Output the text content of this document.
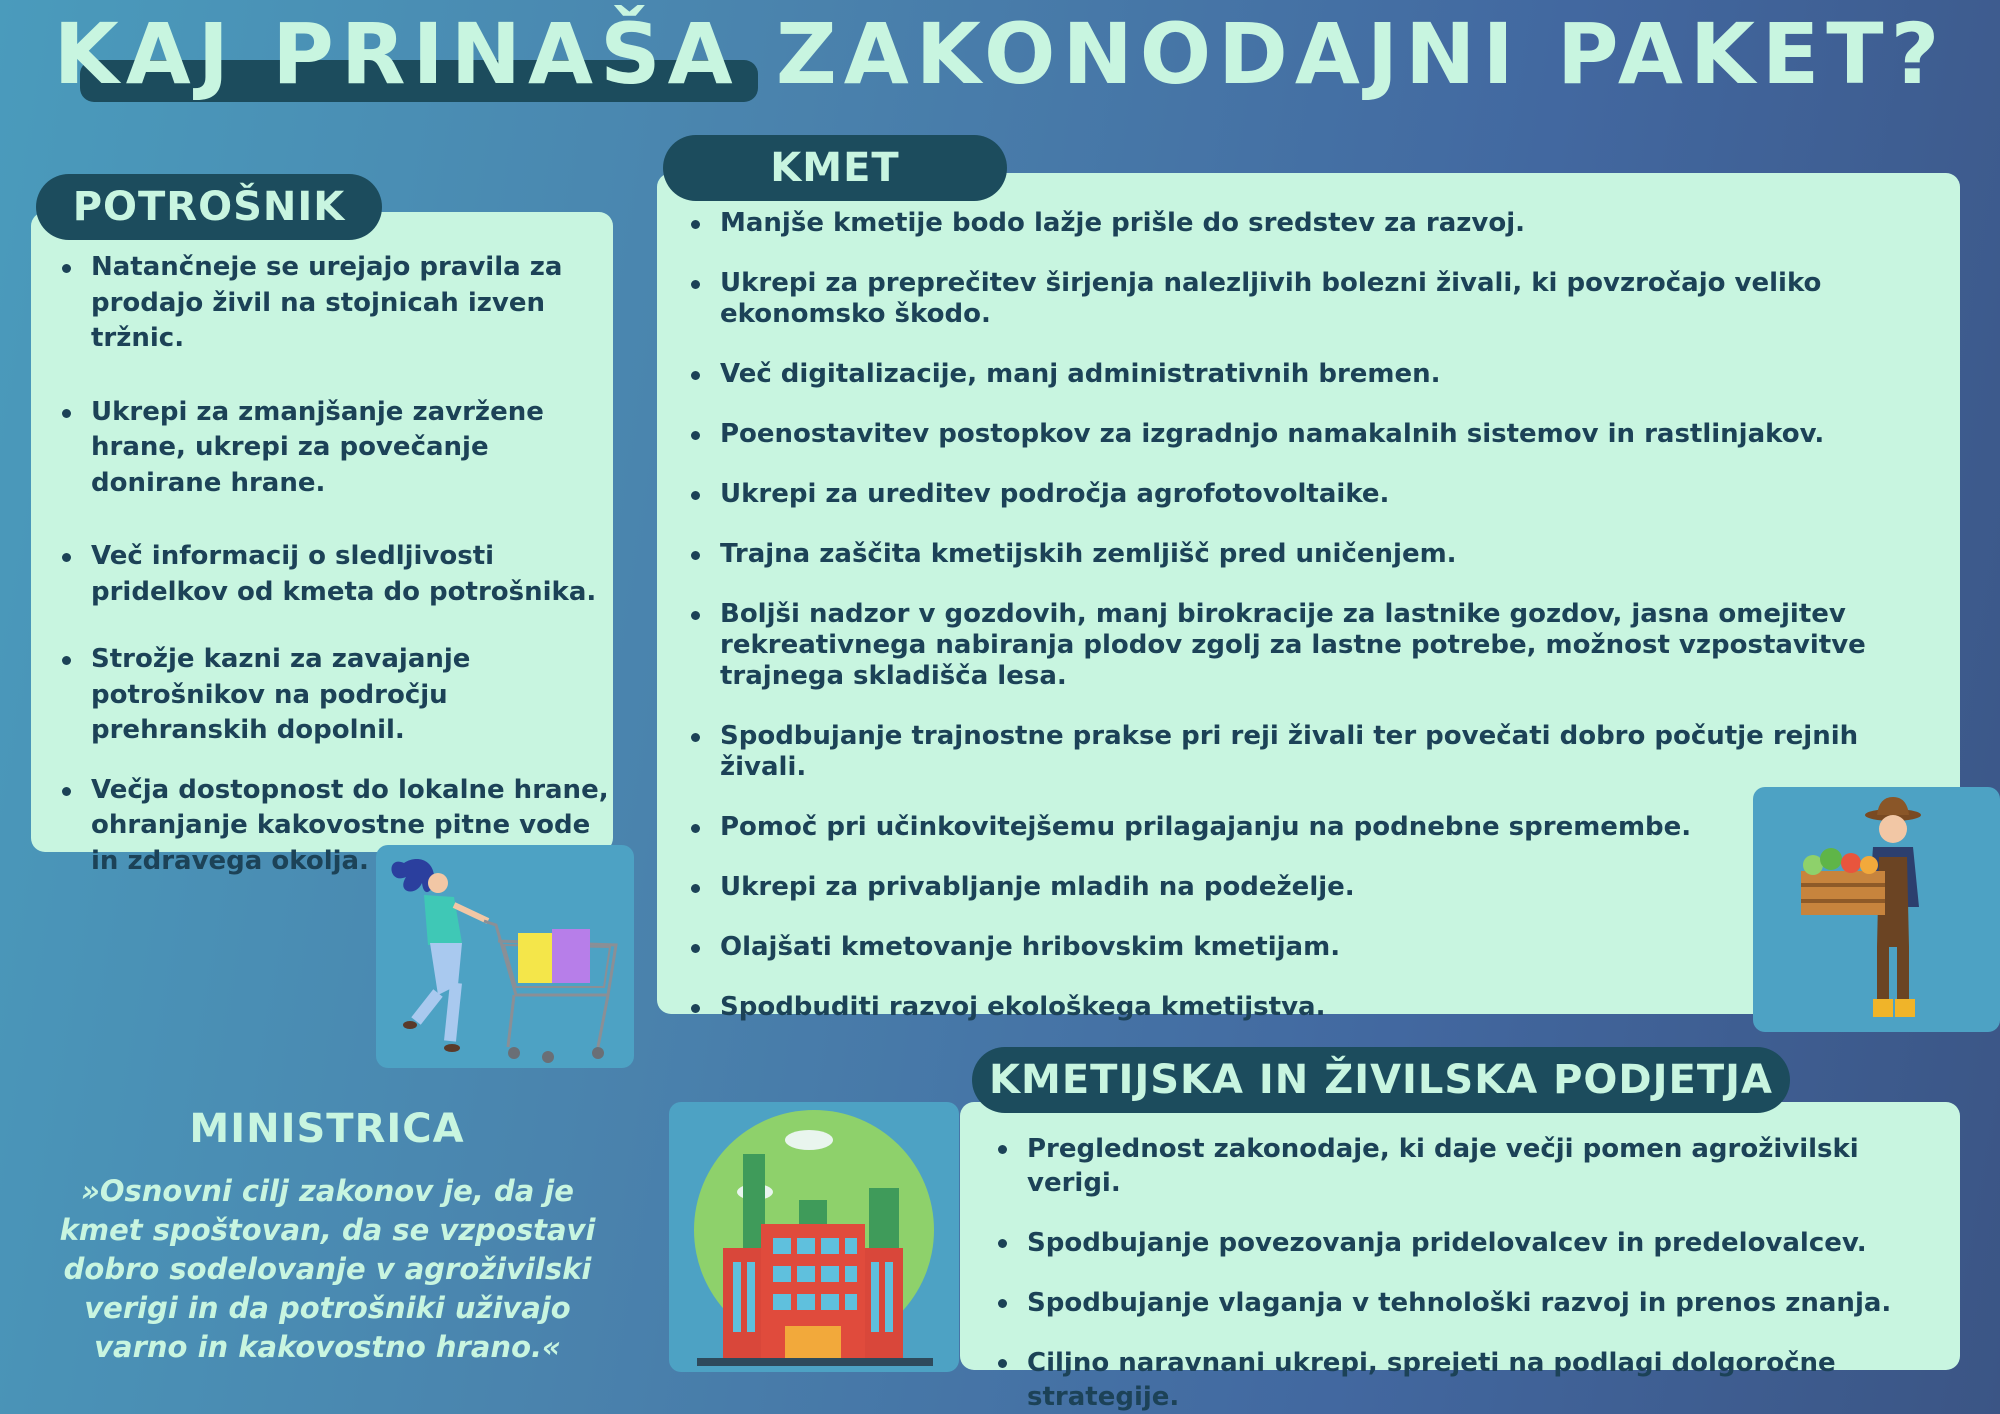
KAJ PRINAŠA ZAKONODAJNI PAKET?
POTROŠNIK
Natančneje se urejajo pravila za prodajo živil na stojnicah izven tržnic.
Ukrepi za zmanjšanje zavržene hrane, ukrepi za povečanje donirane hrane.
Več informacij o sledljivosti pridelkov od kmeta do potrošnika.
Strožje kazni za zavajanje potrošnikov na področju prehranskih dopolnil.
Večja dostopnost do lokalne hrane, ohranjanje kakovostne pitne vode in zdravega okolja.
KMET
Manjše kmetije bodo lažje prišle do sredstev za razvoj.
Ukrepi za preprečitev širjenja nalezljivih bolezni živali, ki povzročajo veliko ekonomsko škodo.
Več digitalizacije, manj administrativnih bremen.
Poenostavitev postopkov za izgradnjo namakalnih sistemov in rastlinjakov.
Ukrepi za ureditev področja agrofotovoltaike.
Trajna zaščita kmetijskih zemljišč pred uničenjem.
Boljši nadzor v gozdovih, manj birokracije za lastnike gozdov, jasna omejitev rekreativnega nabiranja plodov zgolj za lastne potrebe, možnost vzpostavitve trajnega skladišča lesa.
Spodbujanje trajnostne prakse pri reji živali ter povečati dobro počutje rejnih živali.
Pomoč pri učinkovitejšemu prilagajanju na podnebne spremembe.
Ukrepi za privabljanje mladih na podeželje.
Olajšati kmetovanje hribovskim kmetijam.
Spodbuditi razvoj ekološkega kmetijstva.
MINISTRICA

»Osnovni cilj zakonov je, da je kmet spoštovan, da se vzpostavi dobro sodelovanje v agroživilski verigi in da potrošniki uživajo varno in kakovostno hrano.«

KMETIJSKA IN ŽIVILSKA PODJETJA
Preglednost zakonodaje, ki daje večji pomen agroživilski verigi.
Spodbujanje povezovanja pridelovalcev in predelovalcev.
Spodbujanje vlaganja v tehnološki razvoj in prenos znanja.
Ciljno naravnani ukrepi, sprejeti na podlagi dolgoročne strategije.
